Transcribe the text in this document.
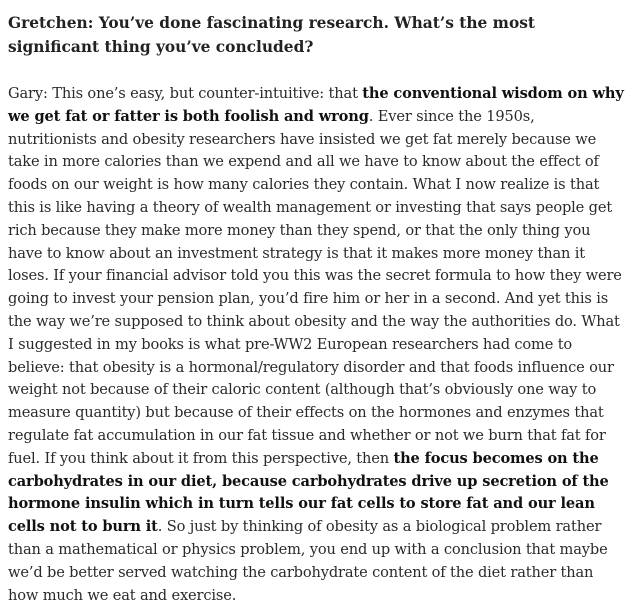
Gretchen: You’ve done fascinating research. What’s the most significant thing you’ve concluded?

Gary: This one’s easy, but counter-intuitive: that the conventional wisdom on why we get fat or fatter is both foolish and wrong. Ever since the 1950s, nutritionists and obesity researchers have insisted we get fat merely because we take in more calories than we expend and all we have to know about the effect of foods on our weight is how many calories they contain. What I now realize is that this is like having a theory of wealth management or investing that says people get rich because they make more money than they spend, or that the only thing you have to know about an investment strategy is that it makes more money than it loses. If your financial advisor told you this was the secret formula to how they were going to invest your pension plan, you’d fire him or her in a second. And yet this is the way we’re supposed to think about obesity and the way the authorities do. What I suggested in my books is what pre-WW2 European researchers had come to believe: that obesity is a hormonal/regulatory disorder and that foods influence our weight not because of their caloric content (although that’s obviously one way to measure quantity) but because of their effects on the hormones and enzymes that regulate fat accumulation in our fat tissue and whether or not we burn that fat for fuel. If you think about it from this perspective, then the focus becomes on the carbohydrates in our diet, because carbohydrates drive up secretion of the hormone insulin which in turn tells our fat cells to store fat and our lean cells not to burn it. So just by thinking of obesity as a biological problem rather than a mathematical or physics problem, you end up with a conclusion that maybe we’d be better served watching the carbohydrate content of the diet rather than how much we eat and exercise.
